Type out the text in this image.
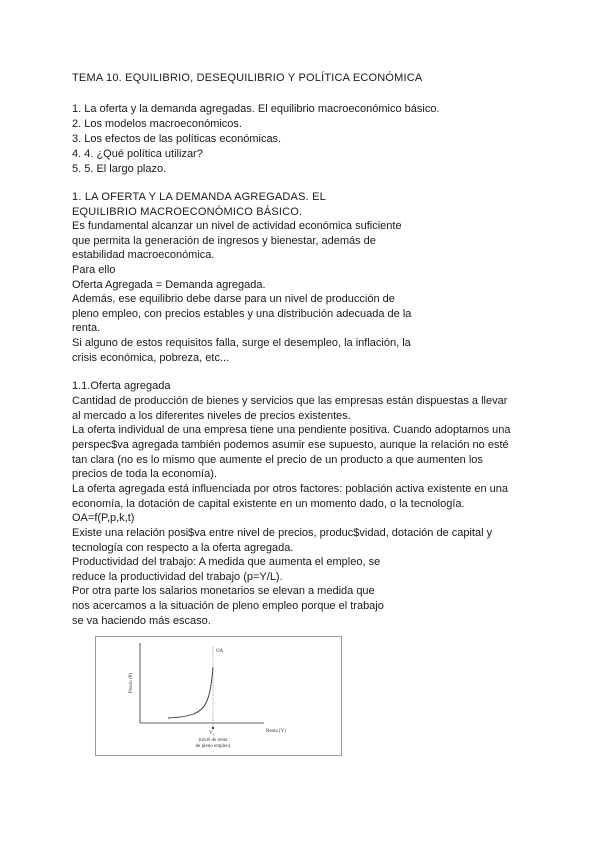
TEMA 10. EQUILIBRIO, DESEQUILIBRIO Y POLÍTICA ECONÓMICA
1. La oferta y la demanda agregadas. El equilibrio macroeconómico básico.
2. Los modelos macroeconómicos.
3. Los efectos de las políticas económicas.
4. 4. ¿Qué política utilizar?
5. 5. El largo plazo.
1. LA OFERTA Y LA DEMANDA AGREGADAS. EL
EQUILIBRIO MACROECONÓMICO BÁSICO.
Es fundamental alcanzar un nivel de actividad económica suficiente
que permita la generación de ingresos y bienestar, además de
estabilidad macroeconómica.
Para ello
Oferta Agregada = Demanda agregada.
Además, ese equilibrio debe darse para un nivel de producción de
pleno empleo, con precios estables y una distribución adecuada de la
renta.
Si alguno de estos requisitos falla, surge el desempleo, la inflación, la
crisis económica, pobreza, etc...
1.1.Oferta agregada
Cantidad de producción de bienes y servicios que las empresas están dispuestas a llevar
al mercado a los diferentes niveles de precios existentes.
La oferta individual de una empresa tiene una pendiente positiva. Cuando adoptamos una
perspec$va agregada también podemos asumir ese supuesto, aunque la relación no esté
tan clara (no es lo mismo que aumente el precio de un producto a que aumenten los
precios de toda la economía).
La oferta agregada está influenciada por otros factores: población activa existente en una
economía, la dotación de capital existente en un momento dado, o la tecnología.
OA=f(P,p,k,t)
Existe una relación posi$va entre nivel de precios, produc$vidad, dotación de capital y
tecnología con respecto a la oferta agregada.
Productividad del trabajo: A medida que aumenta el empleo, se
reduce la productividad del trabajo (p=Y/L).
Por otra parte los salarios monetarios se elevan a medida que
nos acercamos a la situación de pleno empleo porque el trabajo
se va haciendo más escaso.
Precio (P)
Renta (Y)
OA
Y f
(nivel de renta
de pleno empleo)
